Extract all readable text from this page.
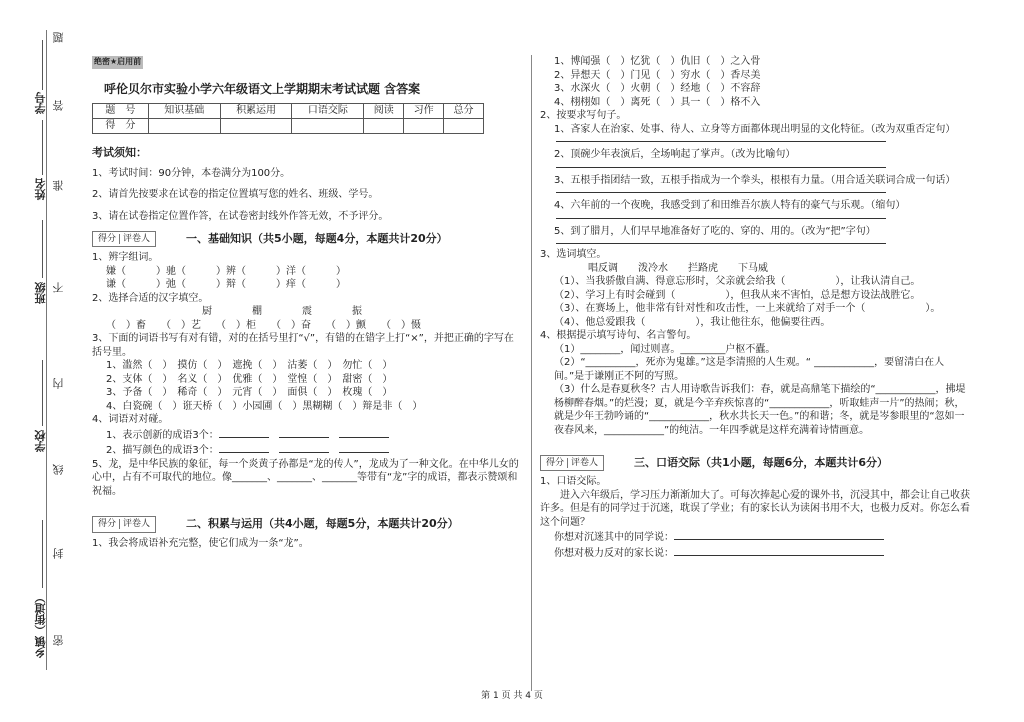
题
学号 答
姓名 准
班级 不
内
学校
线
封
乡镇（街道） 密
绝密★启用前
呼伦贝尔市实验小学六年级语文上学期期末考试试题 含答案
题　号	知识基础	积累运用	口语交际	阅读	习作	总分
得　分						
考试须知：

1、考试时间：90分钟，本卷满分为100分。

2、请首先按要求在试卷的指定位置填写您的姓名、班级、学号。

3、请在试卷指定位置作答，在试卷密封线外作答无效，不予评分。

得分 评卷人	一、基础知识（共5小题，每题4分，本题共计20分）

1、辨字组词。

嫌（　　　）驰（　　　）辨（　　　）洋（　　　）

谦（　　　）弛（　　　）辩（　　　）痒（　　　）

2、选择合适的汉字填空。

厨　　　　棚　　　　震　　　　振

（　）畜　　（　）艺　　（　）柜　　（　）奋　　（　）颤　　（　）慑

3、下面的词语书写有对有错，对的在括号里打“√”，有错的在错字上打“×”，并把正确的字写在括号里。

1、滥然（　）　摸仿（　）　遮挽（　）　沽萎（　）　勿忙（　）

2、支体（　）　名义（　）　优雅（　）　堂惶（　）　甜密（　）

3、予备（　）　稀奇（　）　元宵（　）　面俱（　）　枚瑰（　）

4、白瓷碗（　）诳天桥（　）小园圃（　）黑糊糊（　）辩是非（　）

4、词语对对碰。

1、表示创新的成语3个：　　

2、描写颜色的成语3个：　　

5、龙，是中华民族的象征，每一个炎黄子孙都是“龙的传人”，龙成为了一种文化。在中华儿女的心中，占有不可取代的地位。像_______、_______、_______等带有“龙”字的成语，都表示赞颂和祝福。

得分 评卷人	二、积累与运用（共4小题，每题5分，本题共计20分）

1、我会将成语补充完整，使它们成为一条“龙”。

1、博闻强（　）忆犹（　）仇旧（　）之入骨

2、异想天（　）门见（　）穷水（　）香尽美

3、水深火（　）火朝（　）经地（　）不容辞

4、栩栩如（　）离死（　）具一（　）格不入

2、按要求写句子。

1、吝家人在治家、处事、待人、立身等方面都体现出明显的文化特征。（改为双重否定句）

2、顶碗少年表演后，全场响起了掌声。（改为比喻句）

3、五根手指团结一致，五根手指成为一个拳头，根根有力量。（用合适关联词合成一句话）

4、六年前的一个夜晚，我感受到了和田维吾尔族人特有的豪气与乐观。（缩句）

5、到了腊月，人们早早地准备好了吃的、穿的、用的。（改为“把”字句）

3、选词填空。

唱反调　　泼冷水　　拦路虎　　下马威

（1）、当我骄傲自满、得意忘形时，父亲就会给我（　　　　　），让我认清自己。

（2）、学习上有时会碰到（　　　　　），但我从来不害怕，总是想方设法战胜它。

（3）、在赛场上，他非常有针对性和攻击性，一上来就给了对手一个（　　　　　　）。

（4）、他总爱跟我（　　　　　），我让他往东，他偏要往西。

4、根据提示填写诗句、名言警句。

（1）________，闻过则喜。_________户枢不蠹。

（2）“__________，死亦为鬼雄。”这是李清照的人生观。“ ____________，要留清白在人间。”是于谦刚正不阿的写照。

（3）什么是春夏秋冬？古人用诗歌告诉我们：春，就是高鼎笔下描绘的“____________，拂堤杨柳醉春烟。”的烂漫；夏，就是今辛弃疾惊喜的“____________，听取蛙声一片”的热闹；秋，就是少年王勃吟诵的“____________，秋水共长天一色。”的和谐；冬，就是岑参眼里的“忽如一夜春风来，____________”的纯洁。一年四季就是这样充满着诗情画意。

得分 评卷人	三、口语交际（共1小题，每题6分，本题共计6分）

1、口语交际。

进入六年级后，学习压力渐渐加大了。可每次捧起心爱的课外书，沉浸其中，都会让自己收获许多。但是有的同学过于沉迷，耽误了学业；有的家长认为读闲书用不大，也极力反对。你怎么看这个问题？

你想对沉迷其中的同学说：

你想对极力反对的家长说：

第 1 页 共 4 页
